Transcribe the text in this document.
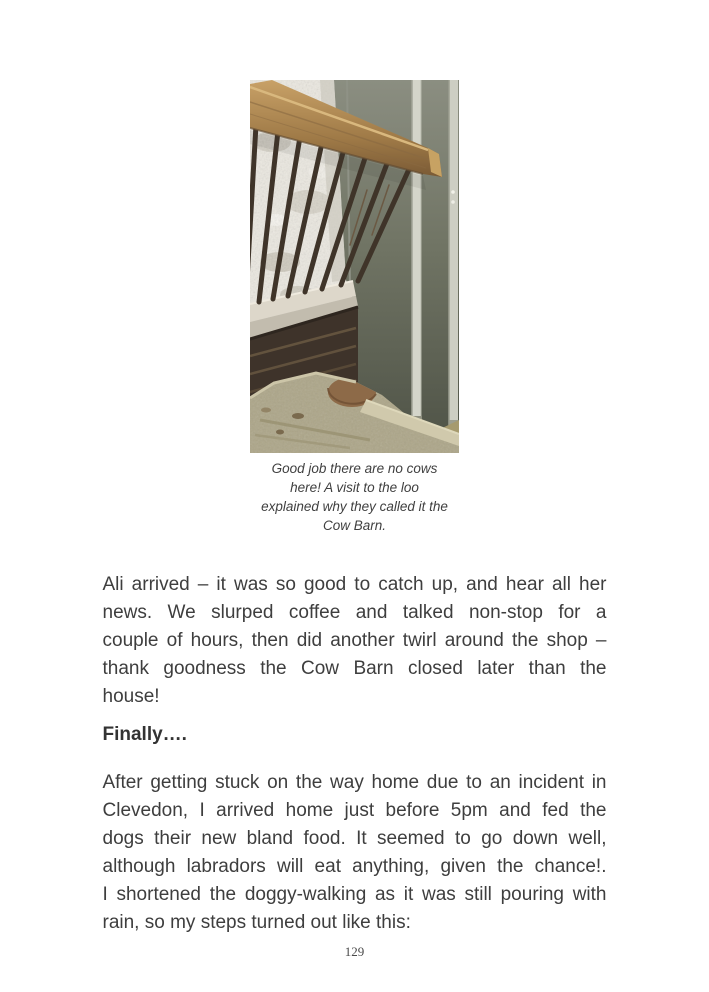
Good job there are no cows
here! A visit to the loo
explained why they called it the
Cow Barn.
Ali arrived – it was so good to catch up, and hear all her
news. We slurped coffee and talked non-stop for a
couple of hours, then did another twirl around the shop –
thank goodness the Cow Barn closed later than the
house!
Finally….
After getting stuck on the way home due to an incident in
Clevedon, I arrived home just before 5pm and fed the
dogs their new bland food. It seemed to go down well,
although labradors will eat anything, given the chance!.
I shortened the doggy-walking as it was still pouring with
rain, so my steps turned out like this:
129
